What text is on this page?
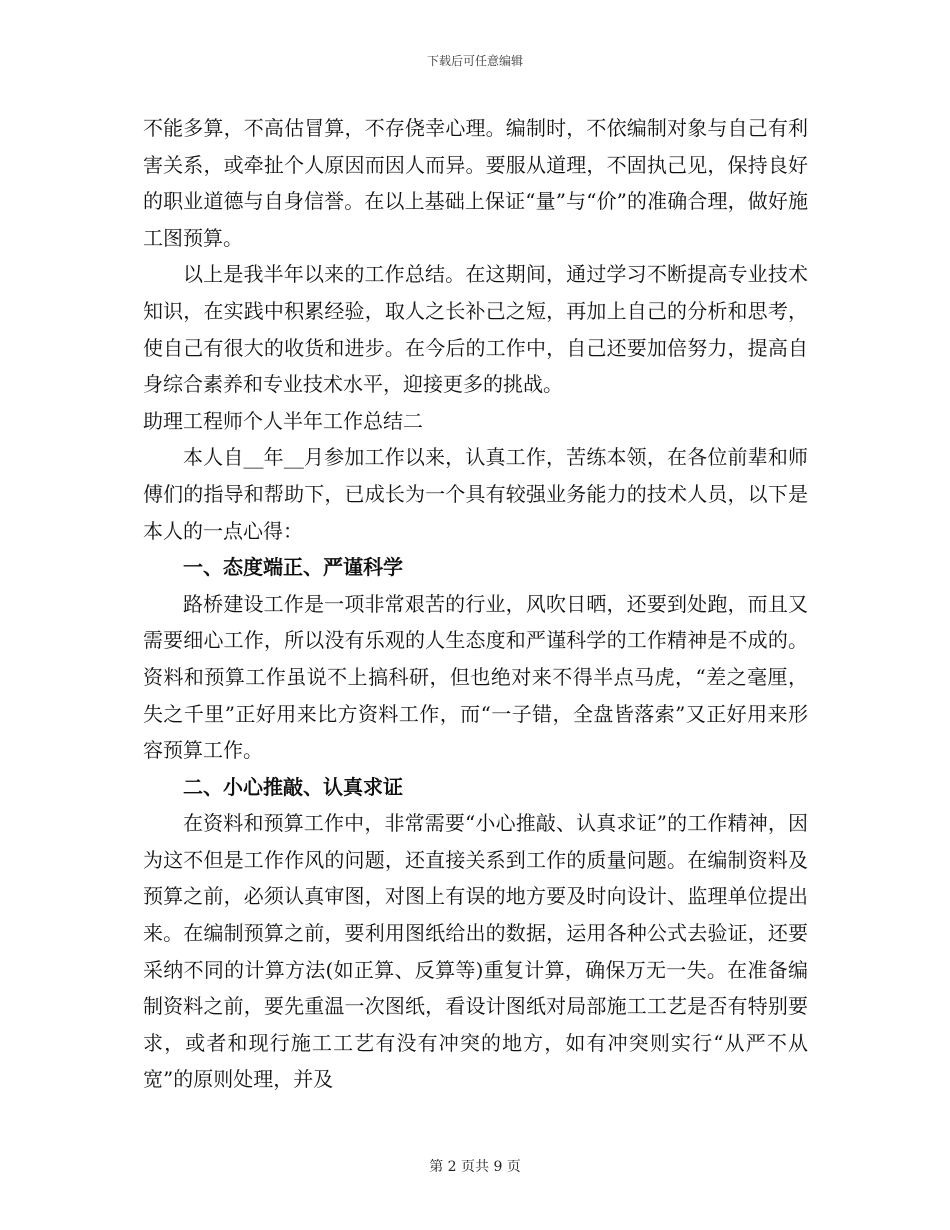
下载后可任意编辑

不能多算，不高估冒算，不存侥幸心理。编制时，不依编制对象与自己有利害关系，或牵扯个人原因而因人而异。要服从道理，不固执己见，保持良好的职业道德与自身信誉。在以上基础上保证“量”与“价”的准确合理，做好施工图预算。

以上是我半年以来的工作总结。在这期间，通过学习不断提高专业技术知识，在实践中积累经验，取人之长补己之短，再加上自己的分析和思考，使自己有很大的收货和进步。在今后的工作中，自己还要加倍努力，提高自身综合素养和专业技术水平，迎接更多的挑战。

助理工程师个人半年工作总结二

本人自__年__月参加工作以来，认真工作，苦练本领，在各位前辈和师傅们的指导和帮助下，已成长为一个具有较强业务能力的技术人员，以下是本人的一点心得：

一、态度端正、严谨科学

路桥建设工作是一项非常艰苦的行业，风吹日晒，还要到处跑，而且又需要细心工作，所以没有乐观的人生态度和严谨科学的工作精神是不成的。资料和预算工作虽说不上搞科研，但也绝对来不得半点马虎，“差之毫厘，失之千里”正好用来比方资料工作，而“一子错，全盘皆落索”又正好用来形容预算工作。

二、小心推敲、认真求证

在资料和预算工作中，非常需要“小心推敲、认真求证”的工作精神，因为这不但是工作作风的问题，还直接关系到工作的质量问题。在编制资料及预算之前，必须认真审图，对图上有误的地方要及时向设计、监理单位提出来。在编制预算之前，要利用图纸给出的数据，运用各种公式去验证，还要采纳不同的计算方法(如正算、反算等)重复计算，确保万无一失。在准备编制资料之前，要先重温一次图纸，看设计图纸对局部施工工艺是否有特别要求，或者和现行施工工艺有没有冲突的地方，如有冲突则实行“从严不从宽”的原则处理，并及

第 2 页共 9 页
